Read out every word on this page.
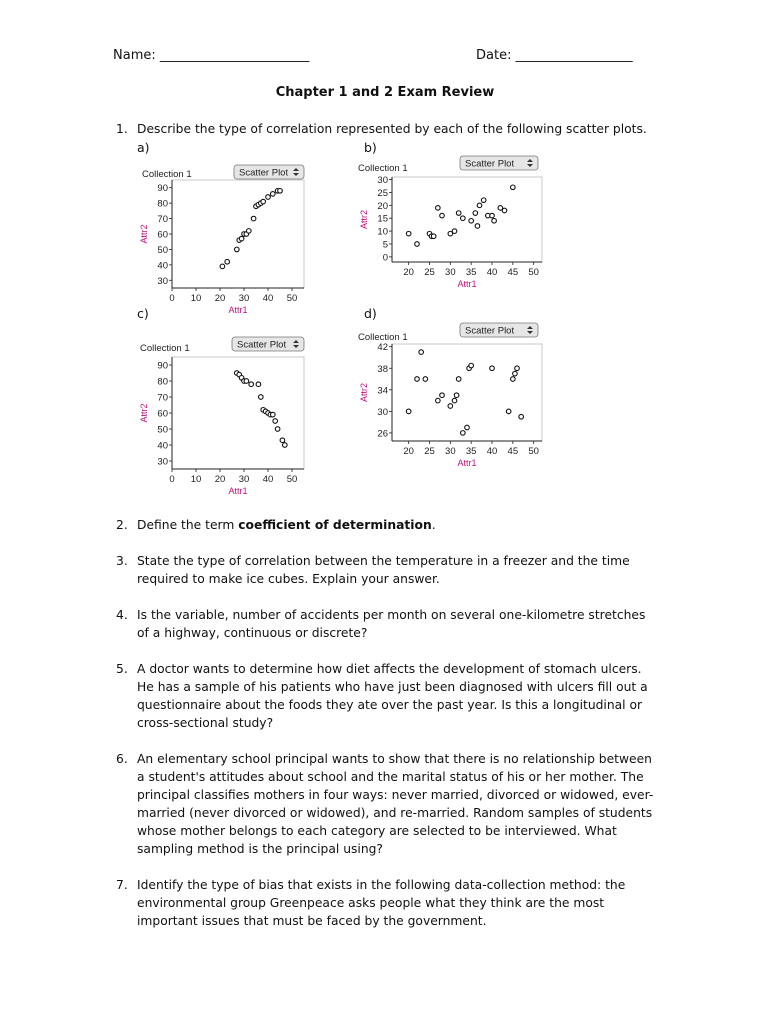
Name: _______________________	Date: __________________
Chapter 1 and 2 Exam Review
1. Describe the type of correlation represented by each of the following scatter plots.
a)	b)
c)	d)
Collection 1	Scatter Plot
30
40
50
60
70
80
90
0 10 20 30 40 50
Attr1
Attr2
Collection 1	Scatter Plot
0
5
10
15
20
25
30
20 25 30 35 40 45 50
Attr1
Attr2
Collection 1	Scatter Plot
30
40
50
60
70
80
90
0 10 20 30 40 50
Attr1
Attr2
Collection 1
Scatter Plot
26
30
34
38
42
20 25 30 35 40 45 50
Attr1
Attr2
2. Define the term coefficient of determination.
3. State the type of correlation between the temperature in a freezer and the time required to make ice cubes. Explain your answer.
4. Is the variable, number of accidents per month on several one-kilometre stretches of a highway, continuous or discrete?
5. A doctor wants to determine how diet affects the development of stomach ulcers. He has a sample of his patients who have just been diagnosed with ulcers fill out a questionnaire about the foods they ate over the past year. Is this a longitudinal or cross-sectional study?
6. An elementary school principal wants to show that there is no relationship between a student's attitudes about school and the marital status of his or her mother. The principal classifies mothers in four ways: never married, divorced or widowed, ever-married (never divorced or widowed), and re-married. Random samples of students whose mother belongs to each category are selected to be interviewed. What sampling method is the principal using?
7. Identify the type of bias that exists in the following data-collection method: the environmental group Greenpeace asks people what they think are the most important issues that must be faced by the government.
